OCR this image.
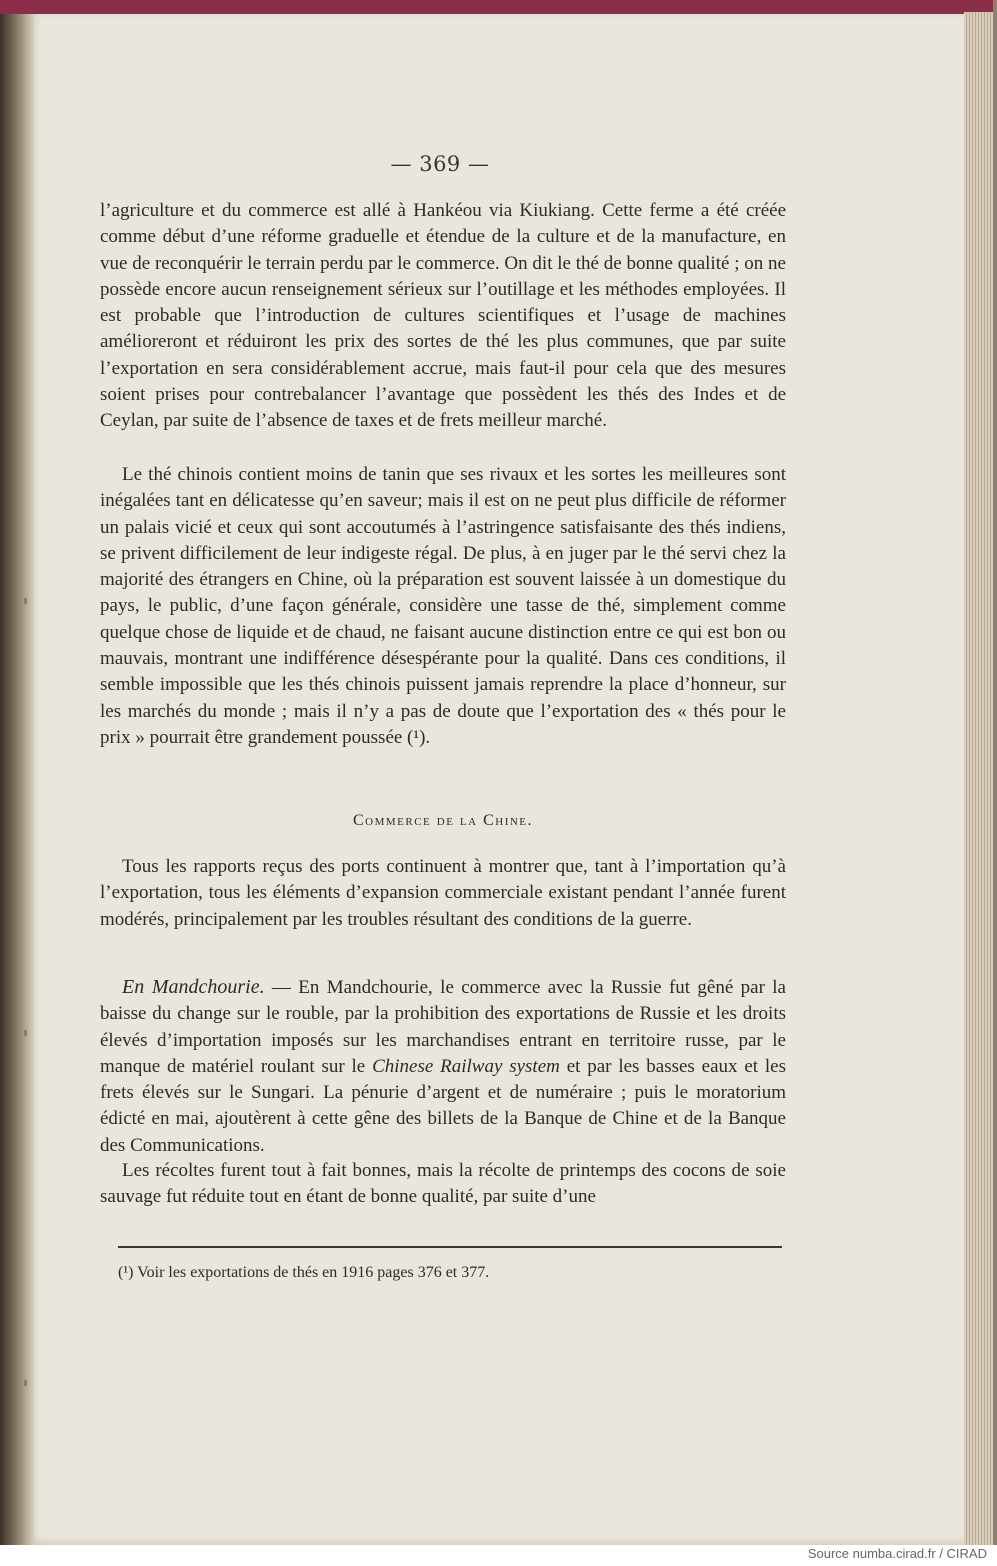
— 369 —

l’agriculture et du commerce est allé à Hankéou via Kiukiang. Cette ferme a été créée comme début d’une réforme graduelle et étendue de la culture et de la manufacture, en vue de reconquérir le terrain perdu par le commerce. On dit le thé de bonne qualité ; on ne possède encore aucun renseignement sérieux sur l’outillage et les méthodes employées. Il est probable que l’introduction de cultures scientifiques et l’usage de machines amélioreront et réduiront les prix des sortes de thé les plus communes, que par suite l’exportation en sera considérablement accrue, mais faut-il pour cela que des mesures soient prises pour contrebalancer l’avantage que possèdent les thés des Indes et de Ceylan, par suite de l’absence de taxes et de frets meilleur marché.

Le thé chinois contient moins de tanin que ses rivaux et les sortes les meilleures sont inégalées tant en délicatesse qu’en saveur; mais il est on ne peut plus difficile de réformer un palais vicié et ceux qui sont accoutumés à l’astringence satisfaisante des thés indiens, se privent difficilement de leur indigeste régal. De plus, à en juger par le thé servi chez la majorité des étrangers en Chine, où la préparation est souvent laissée à un domestique du pays, le public, d’une façon générale, considère une tasse de thé, simplement comme quelque chose de liquide et de chaud, ne faisant aucune distinction entre ce qui est bon ou mauvais, montrant une indifférence désespérante pour la qualité. Dans ces conditions, il semble impossible que les thés chinois puissent jamais reprendre la place d’honneur, sur les marchés du monde ; mais il n’y a pas de doute que l’exportation des « thés pour le prix » pourrait être grandement poussée (¹).

Commerce de la Chine.

Tous les rapports reçus des ports continuent à montrer que, tant à l’importation qu’à l’exportation, tous les éléments d’expansion commerciale existant pendant l’année furent modérés, principalement par les troubles résultant des conditions de la guerre.

En Mandchourie. — En Mandchourie, le commerce avec la Russie fut gêné par la baisse du change sur le rouble, par la prohibition des exportations de Russie et les droits élevés d’importation imposés sur les marchandises entrant en territoire russe, par le manque de matériel roulant sur le Chinese Railway system et par les basses eaux et les frets élevés sur le Sungari. La pénurie d’argent et de numéraire ; puis le moratorium édicté en mai, ajoutèrent à cette gêne des billets de la Banque de Chine et de la Banque des Communications.

Les récoltes furent tout à fait bonnes, mais la récolte de printemps des cocons de soie sauvage fut réduite tout en étant de bonne qualité, par suite d’une

(¹) Voir les exportations de thés en 1916 pages 376 et 377.
Source numba.cirad.fr / CIRAD
